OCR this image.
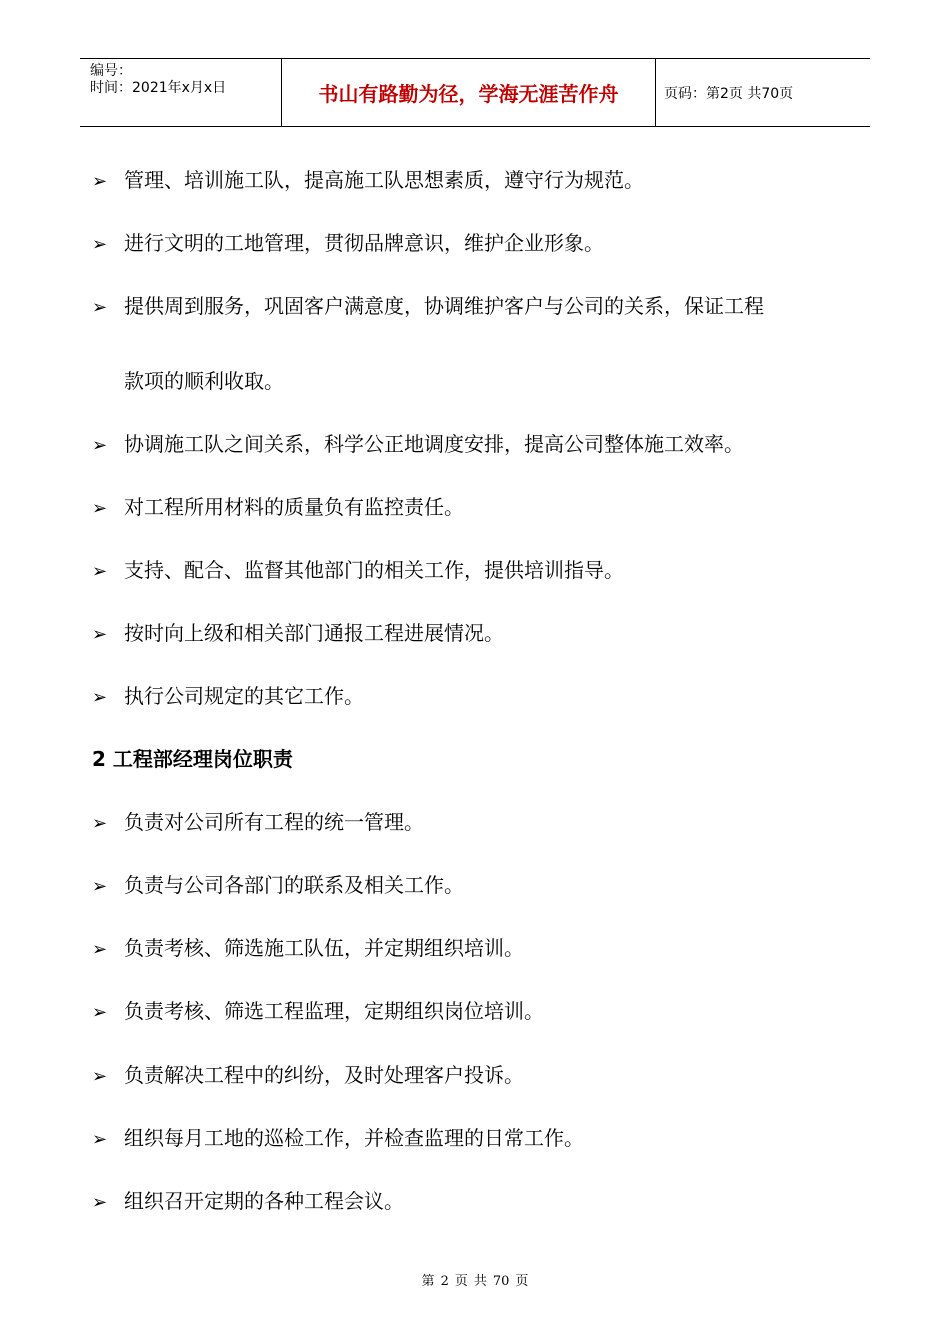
编号：
时间：2021年x月x日	书山有路勤为径，学海无涯苦作舟	页码：第2页 共70页
➢ 管理、培训施工队，提高施工队思想素质，遵守行为规范。
➢ 进行文明的工地管理，贯彻品牌意识，维护企业形象。
➢ 提供周到服务，巩固客户满意度，协调维护客户与公司的关系，保证工程
款项的顺利收取。
➢ 协调施工队之间关系，科学公正地调度安排，提高公司整体施工效率。
➢ 对工程所用材料的质量负有监控责任。
➢ 支持、配合、监督其他部门的相关工作，提供培训指导。
➢ 按时向上级和相关部门通报工程进展情况。
➢ 执行公司规定的其它工作。
2 工程部经理岗位职责
➢ 负责对公司所有工程的统一管理。
➢ 负责与公司各部门的联系及相关工作。
➢ 负责考核、筛选施工队伍，并定期组织培训。
➢ 负责考核、筛选工程监理，定期组织岗位培训。
➢ 负责解决工程中的纠纷，及时处理客户投诉。
➢ 组织每月工地的巡检工作，并检查监理的日常工作。
➢ 组织召开定期的各种工程会议。
第 2 页 共 70 页
